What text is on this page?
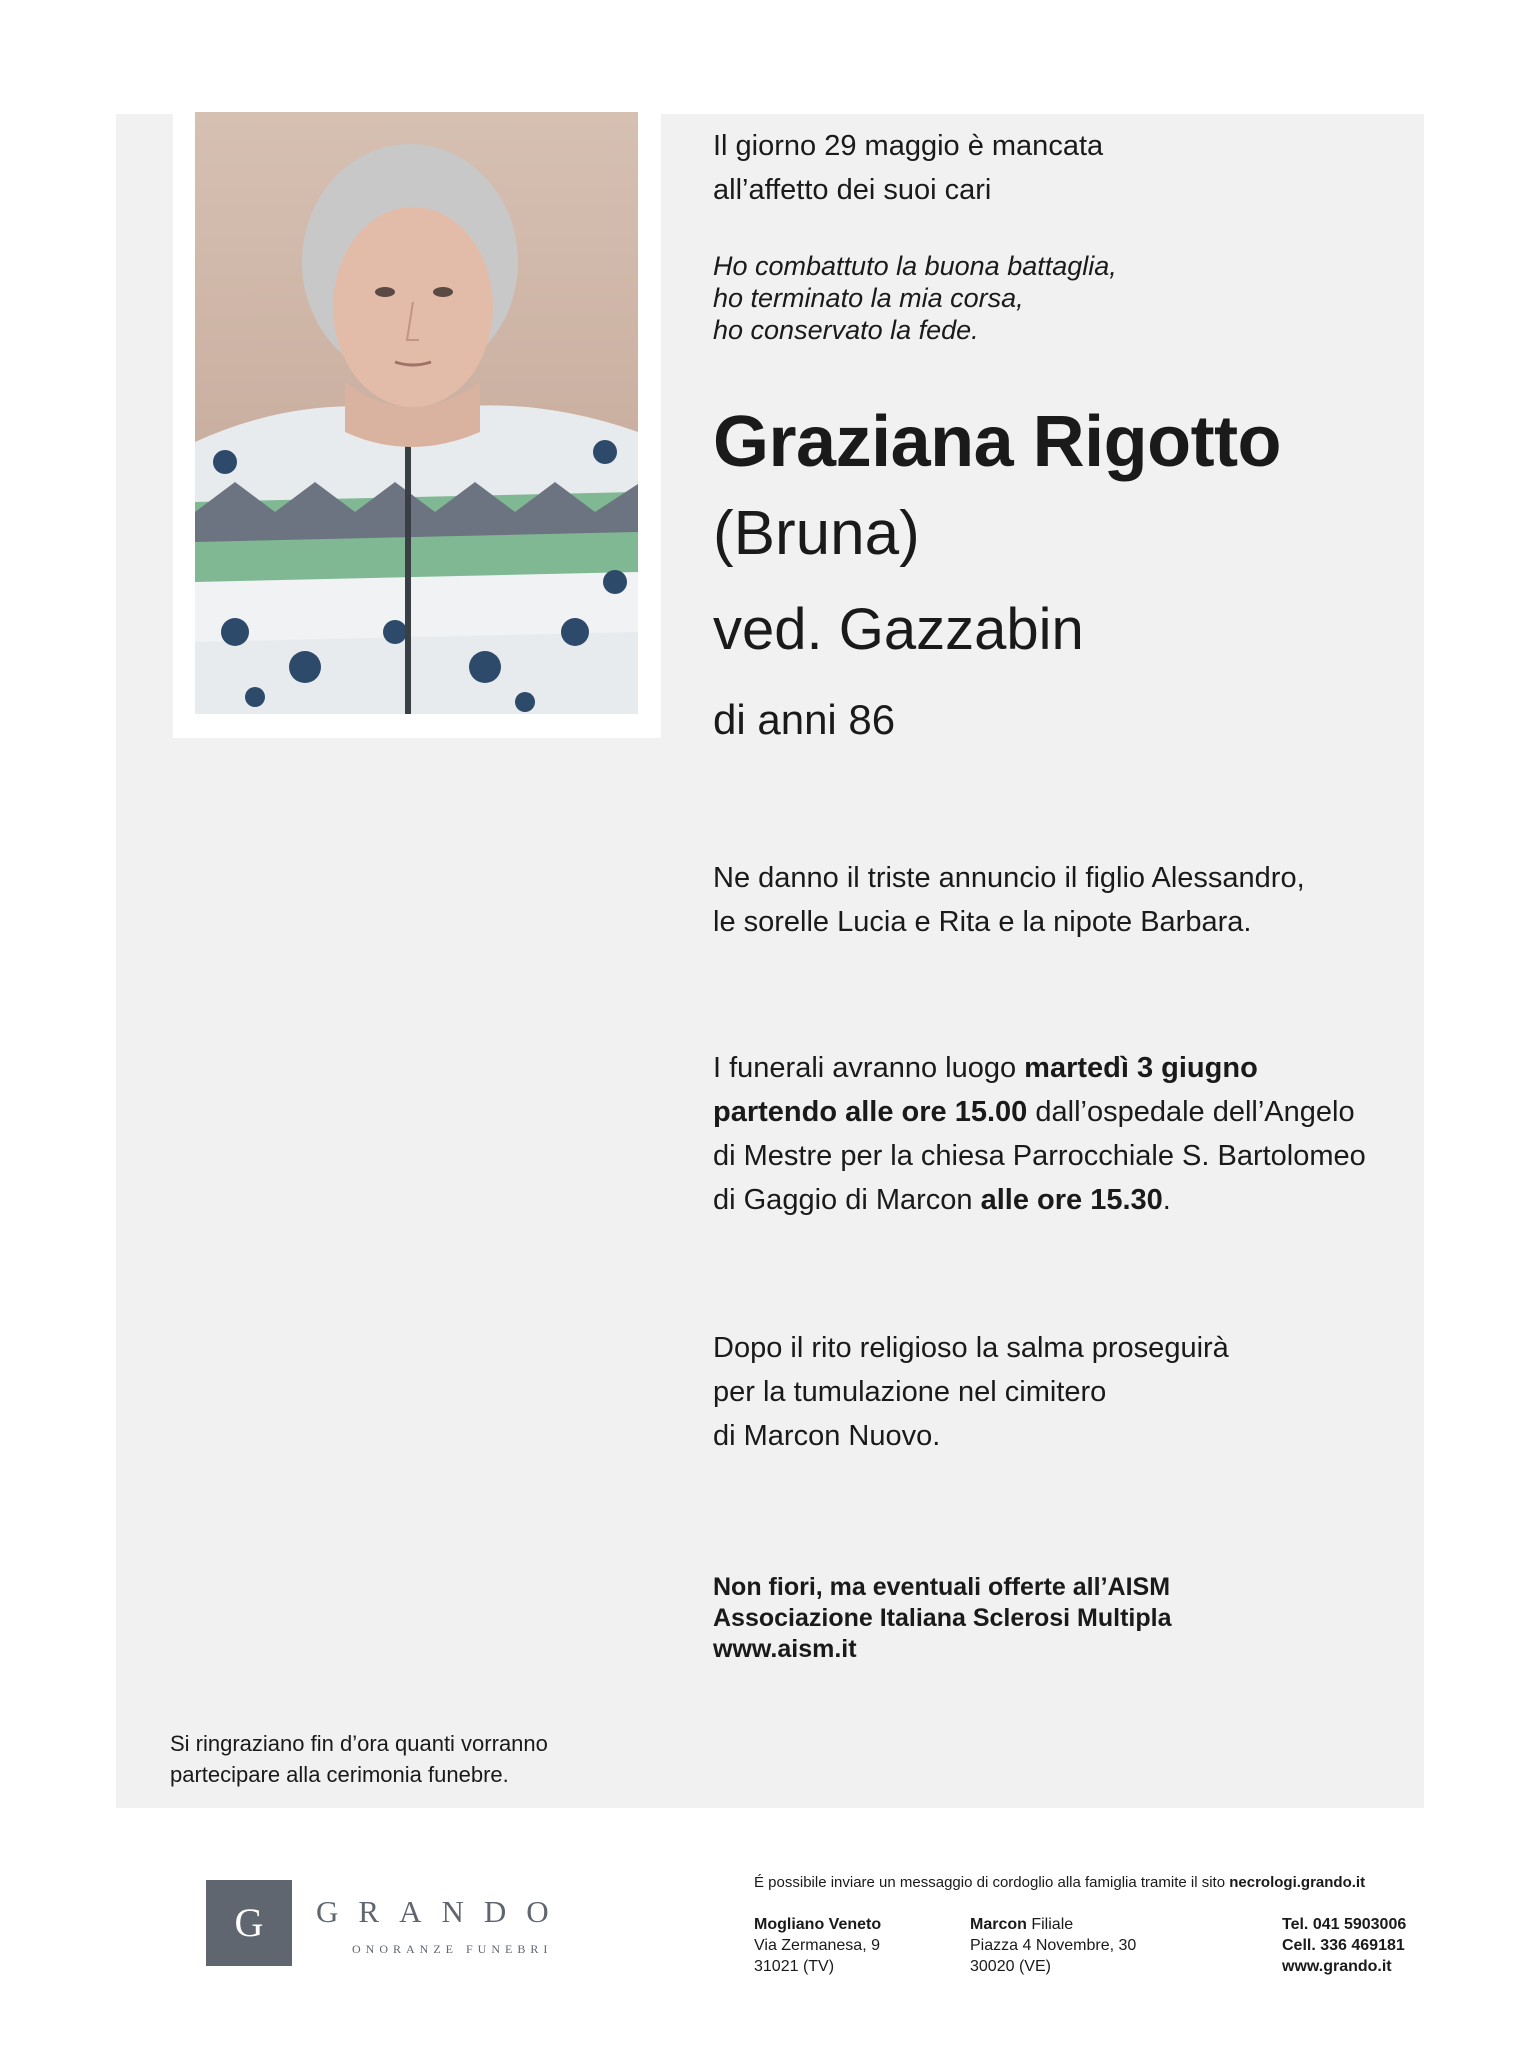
Il giorno 29 maggio è mancata
all’affetto dei suoi cari
Ho combattuto la buona battaglia,
ho terminato la mia corsa,
ho conservato la fede.
Graziana Rigotto
(Bruna)
ved. Gazzabin
di anni 86
Ne danno il triste annuncio il figlio Alessandro,
le sorelle Lucia e Rita e la nipote Barbara.
I funerali avranno luogo martedì 3 giugno
partendo alle ore 15.00 dall’ospedale dell’Angelo
di Mestre per la chiesa Parrocchiale S. Bartolomeo
di Gaggio di Marcon alle ore 15.30.
Dopo il rito religioso la salma proseguirà
per la tumulazione nel cimitero
di Marcon Nuovo.
Non fiori, ma eventuali offerte all’AISM
Associazione Italiana Sclerosi Multipla
www.aism.it
Si ringraziano fin d’ora quanti vorranno
partecipare alla cerimonia funebre.
G	GRANDO
ONORANZE FUNEBRI
É possibile inviare un messaggio di cordoglio alla famiglia tramite il sito necrologi.grando.it
Mogliano Veneto
Via Zermanesa, 9
31021 (TV)
Marcon Filiale
Piazza 4 Novembre, 30
30020 (VE)
Tel. 041 5903006
Cell. 336 469181
www.grando.it
